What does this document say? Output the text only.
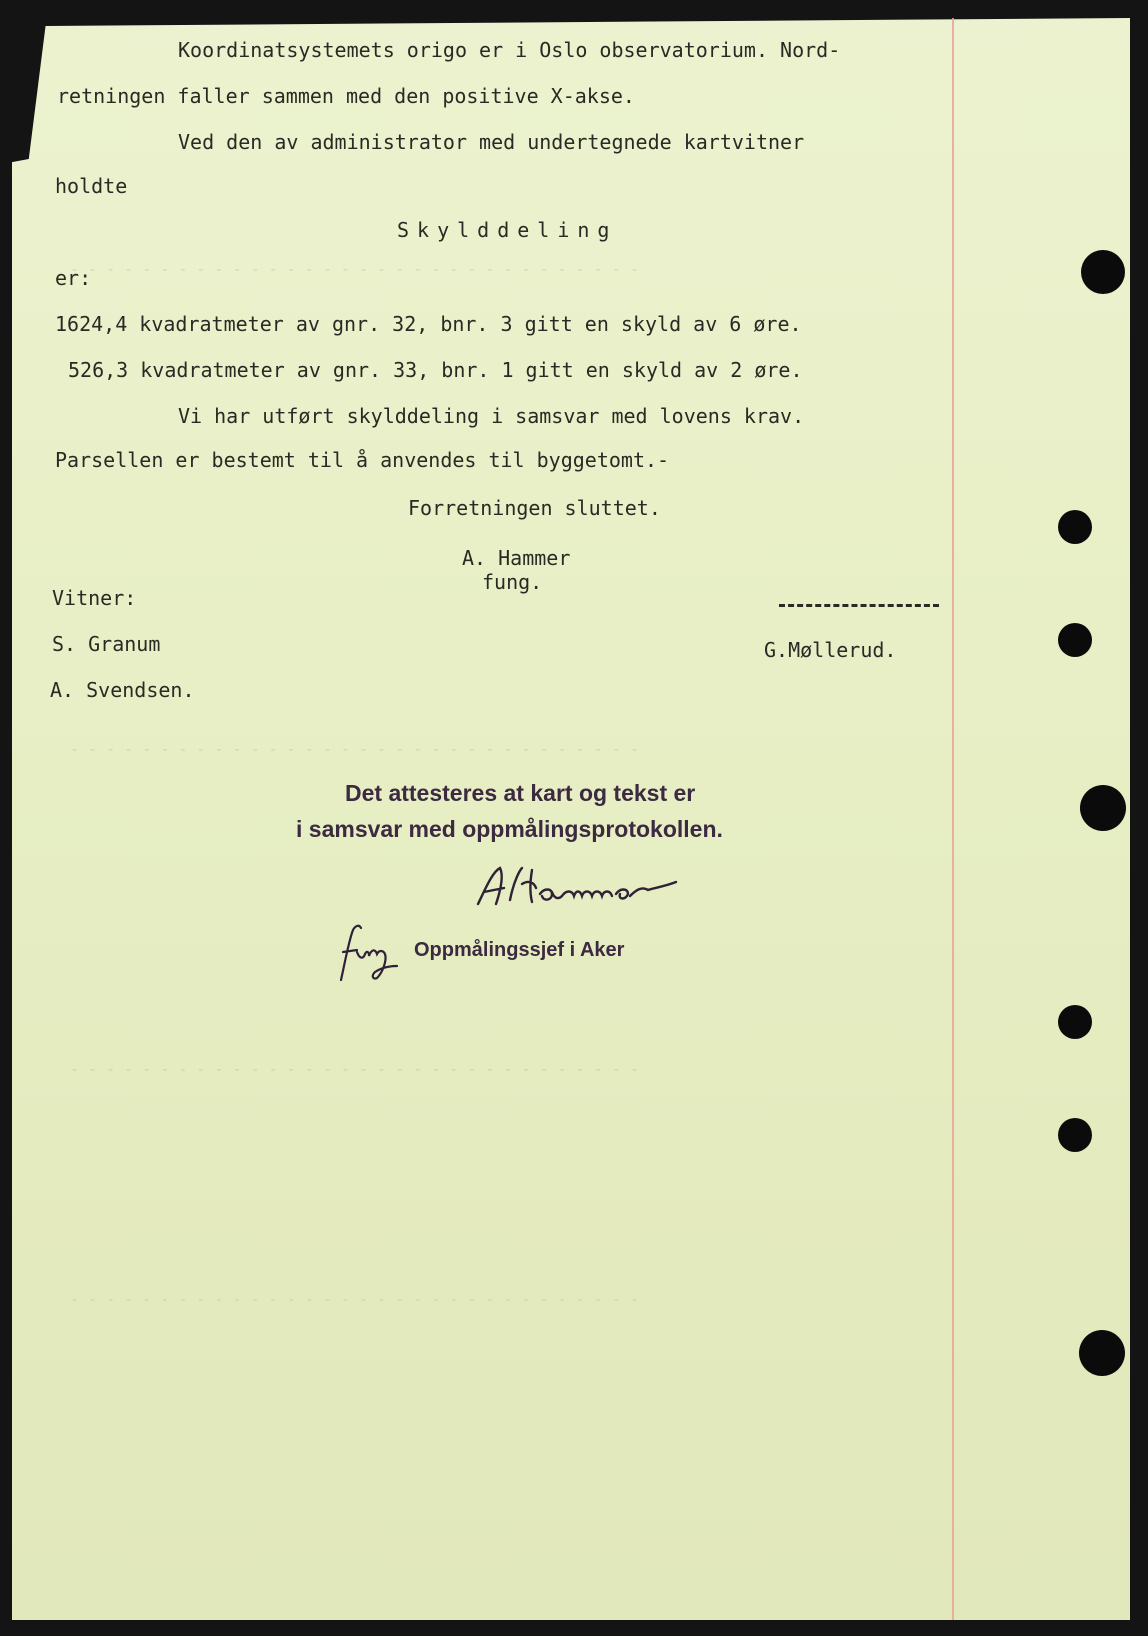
- - - - - - - - - - - - - - - - - - - - - - - - - - - - - - - -
- - - - - - - - - - - - - - - - - - - - - - - - - - - - - - - -
- - - - - - - - - - - - - - - - - - - - - - - - - - - - - - - -
- - - - - - - - - - - - - - - - - - - - - - - - - - - - - - - -

Koordinatsystemets origo er i Oslo observatorium. Nord-

retningen faller sammen med den positive X-akse.

Ved den av administrator med undertegnede kartvitner

holdte

Skylddeling

er:

1624,4 kvadratmeter av gnr. 32, bnr. 3 gitt en skyld av 6 øre.

526,3 kvadratmeter av gnr. 33, bnr. 1 gitt en skyld av 2 øre.

Vi har utført skylddeling i samsvar med lovens krav.

Parsellen er bestemt til å anvendes til byggetomt.-

Forretningen sluttet.

A. Hammer

fung.

Vitner:

S. Granum	G.Møllerud.

A. Svendsen.

Det attesteres at kart og tekst er

i samsvar med oppmålingsprotokollen.

Oppmålingssjef i Aker
